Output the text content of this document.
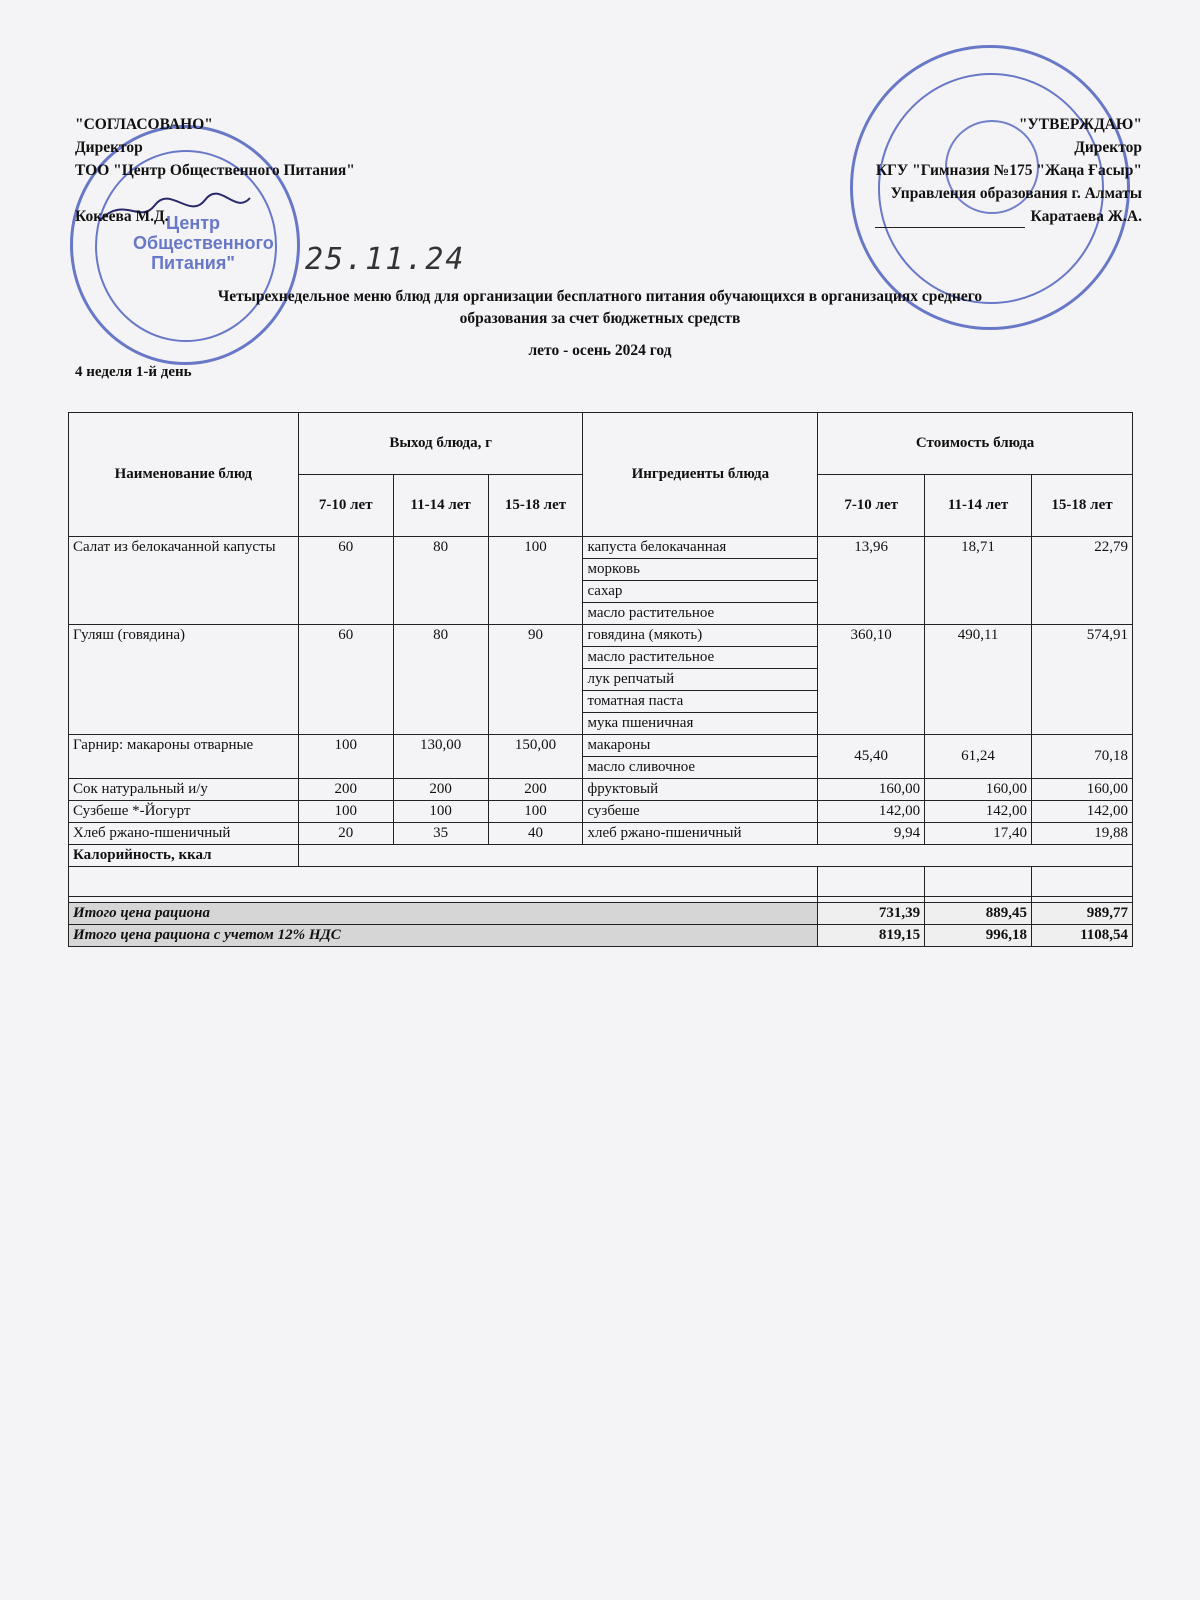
Центр Общественного Питания"
"СОГЛАСОВАНО"
Директор
ТОО "Центр Общественного Питания"
Кокеева М.Д.
"УТВЕРЖДАЮ"
Директор
КГУ "Гимназия №175 "Жаңа Ғасыр"
Управления образования г. Алматы
Каратаева Ж.А.
25.11.24
Четырехнедельное меню блюд для организации бесплатного питания обучающихся в организациях среднего
образования за счет бюджетных средств
лето - осень 2024 год
4 неделя 1-й день
Наименование блюд	Выход блюда, г			Ингредиенты блюда	Стоимость блюда		
	7-10 лет	11-14 лет	15-18 лет		7-10 лет	11-14 лет	15-18 лет
Салат из белокачанной капусты	60	80	100	капуста белокачанная	13,96	18,71	22,79
				морковь			
				сахар			
				масло растительное			
Гуляш (говядина)	60	80	90	говядина (мякоть)	360,10	490,11	574,91
				масло растительное			
				лук репчатый			
				томатная паста			
				мука пшеничная			
Гарнир: макароны отварные	100	130,00	150,00	макароны	45,40	61,24	70,18
				масло сливочное			
Сок натуральный и/у	200	200	200	фруктовый	160,00	160,00	160,00
Сузбеше *-Йогурт	100	100	100	сузбеше	142,00	142,00	142,00
Хлеб ржано-пшеничный	20	35	40	хлеб ржано-пшеничный	9,94	17,40	19,88
Калорийность, ккал							

Итого цена рациона					731,39	889,45	989,77
Итого цена рациона с учетом 12% НДС					819,15	996,18	1108,54
